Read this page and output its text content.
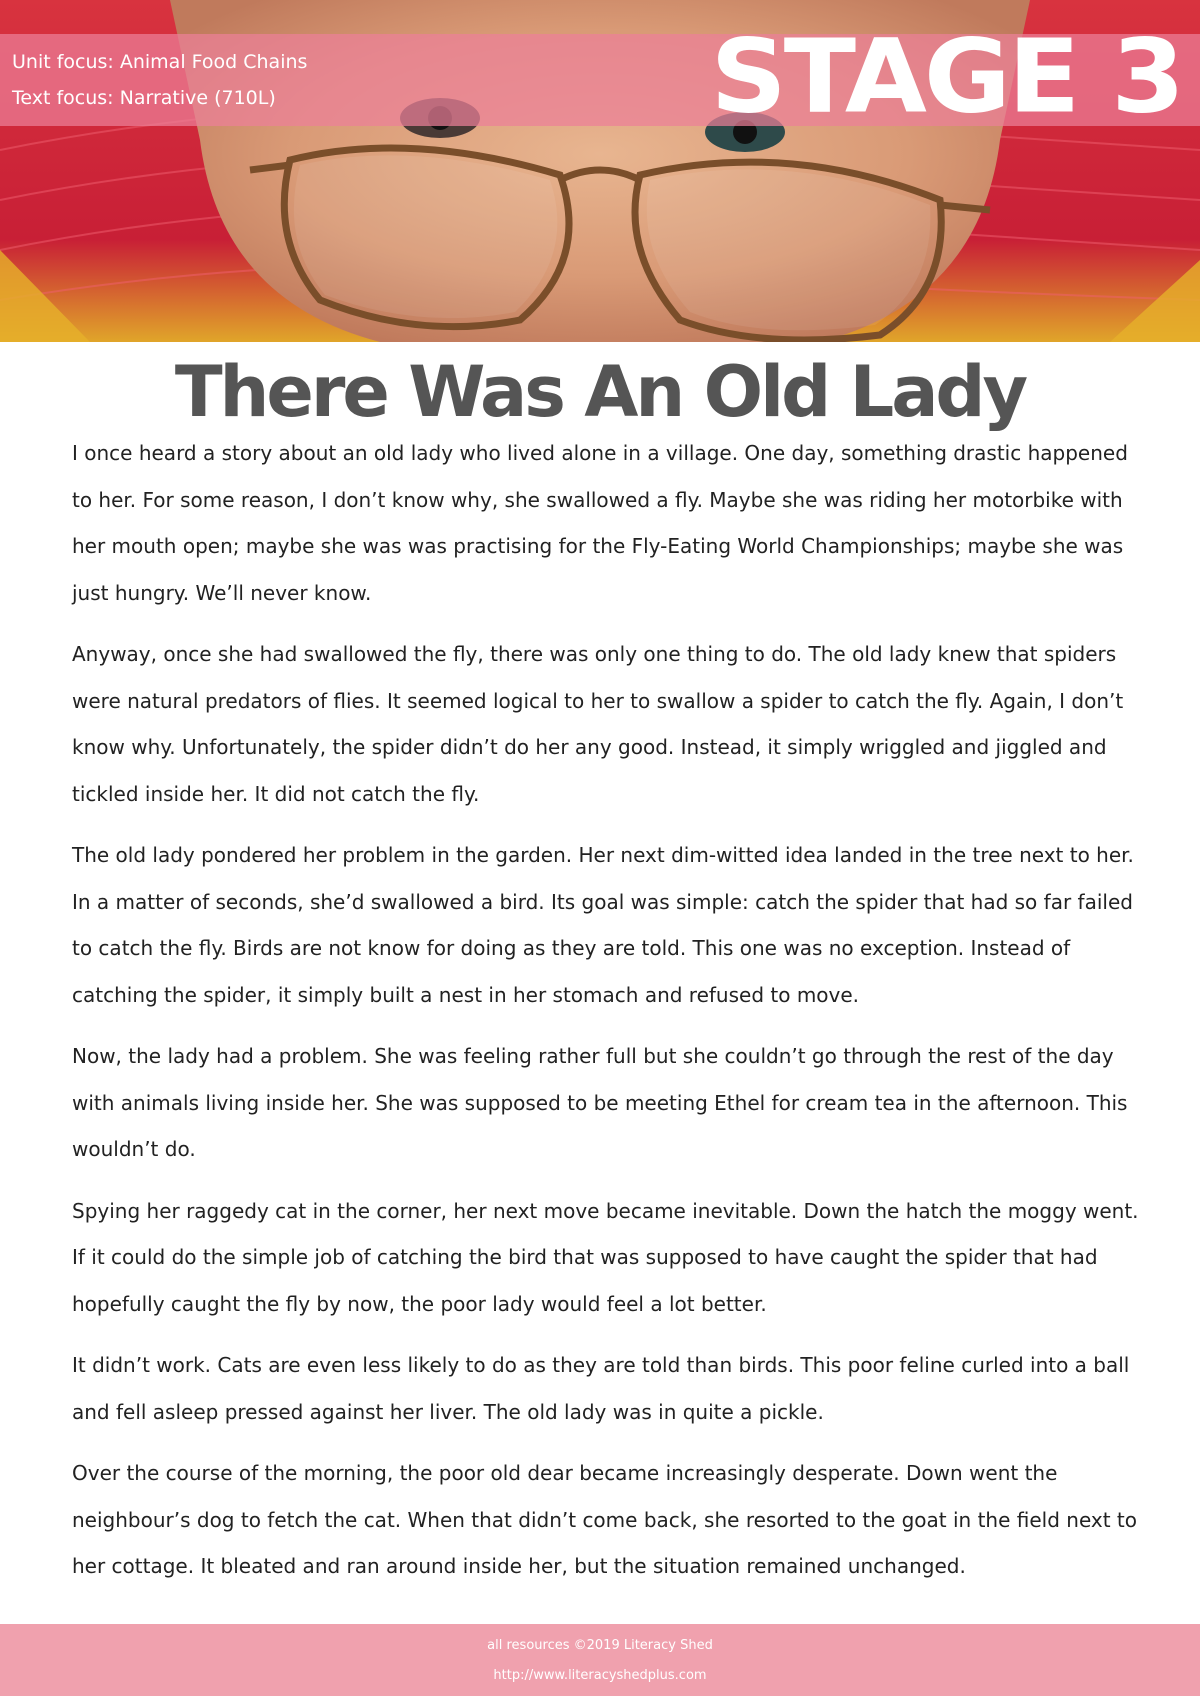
Unit focus: Animal Food Chains
Text focus: Narrative (710L)	STAGE 3
There Was An Old Lady

I once heard a story about an old lady who lived alone in a village. One day, something drastic happened to her. For some reason, I don’t know why, she swallowed a fly. Maybe she was riding her motorbike with her mouth open; maybe she was was practising for the Fly-Eating World Championships; maybe she was just hungry. We’ll never know.

Anyway, once she had swallowed the fly, there was only one thing to do. The old lady knew that spiders were natural predators of flies. It seemed logical to her to swallow a spider to catch the fly. Again, I don’t know why. Unfortunately, the spider didn’t do her any good. Instead, it simply wriggled and jiggled and tickled inside her. It did not catch the fly.

The old lady pondered her problem in the garden. Her next dim-witted idea landed in the tree next to her. In a matter of seconds, she’d swallowed a bird. Its goal was simple: catch the spider that had so far failed to catch the fly. Birds are not know for doing as they are told. This one was no exception. Instead of catching the spider, it simply built a nest in her stomach and refused to move.

Now, the lady had a problem. She was feeling rather full but she couldn’t go through the rest of the day with animals living inside her. She was supposed to be meeting Ethel for cream tea in the afternoon. This wouldn’t do.

Spying her raggedy cat in the corner, her next move became inevitable. Down the hatch the moggy went. If it could do the simple job of catching the bird that was supposed to have caught the spider that had hopefully caught the fly by now, the poor lady would feel a lot better.

It didn’t work. Cats are even less likely to do as they are told than birds. This poor feline curled into a ball and fell asleep pressed against her liver. The old lady was in quite a pickle.

Over the course of the morning, the poor old dear became increasingly desperate. Down went the neighbour’s dog to fetch the cat. When that didn’t come back, she resorted to the goat in the field next to her cottage. It bleated and ran around inside her, but the situation remained unchanged.

all resources ©2019 Literacy Shed
http://www.literacyshedplus.com
